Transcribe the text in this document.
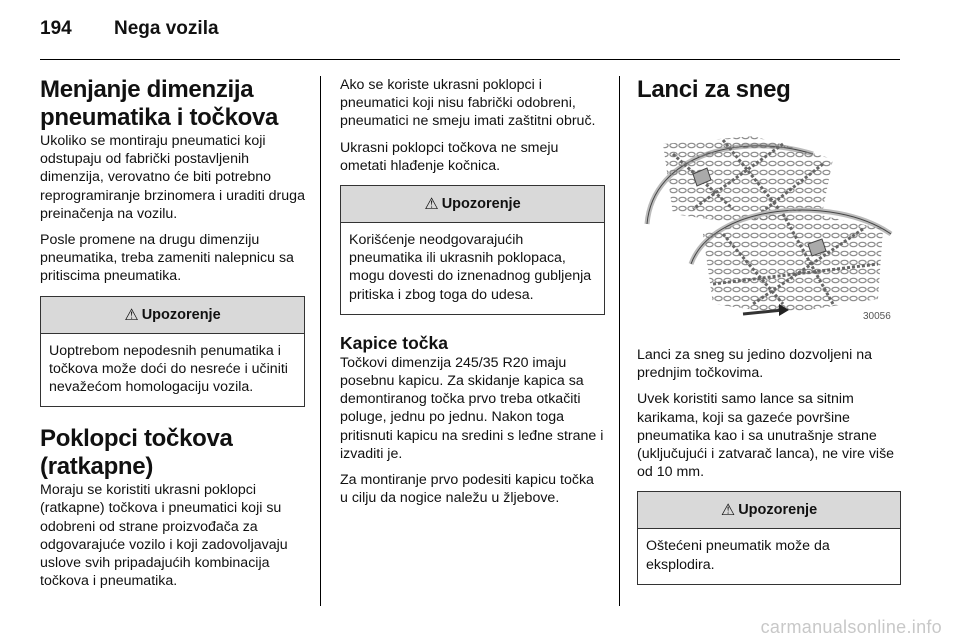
194 Nega vozila
Menjanje dimenzija pneumatika i točkova

Ukoliko se montiraju pneumatici koji odstupaju od fabrički postavljenih dimenzija, verovatno će biti potrebno reprogramiranje brzinomera i uraditi druga preinačenja na vozilu.

Posle promene na drugu dimenziju pneumatika, treba zameniti nalepnicu sa pritiscima pneumatika.

⚠ Upozorenje
Uoptrebom nepodesnih penumatika i točkova može doći do nesreće i učiniti nevažećom homologaciju vozila.
Poklopci točkova (ratkapne)

Moraju se koristiti ukrasni poklopci (ratkapne) točkova i pneumatici koji su odobreni od strane proizvođača za odgovarajuće vozilo i koji zadovoljavaju uslove svih pripadajućih kombinacija točkova i pneumatika.

Ako se koriste ukrasni poklopci i pneumatici koji nisu fabrički odobreni, pneumatici ne smeju imati zaštitni obruč.

Ukrasni poklopci točkova ne smeju ometati hlađenje kočnica.

⚠ Upozorenje
Korišćenje neodgovarajućih pneumatika ili ukrasnih poklopaca, mogu dovesti do iznenadnog gubljenja pritiska i zbog toga do udesa.
Kapice točka

Točkovi dimenzija 245/35 R20 imaju posebnu kapicu. Za skidanje kapica sa demontiranog točka prvo treba otkačiti poluge, jednu po jednu. Nakon toga pritisnuti kapicu na sredini s leđne strane i izvaditi je.

Za montiranje prvo podesiti kapicu točka u cilju da nogice naležu u žljebove.

Lanci za sneg
30056

Lanci za sneg su jedino dozvoljeni na prednjim točkovima.

Uvek koristiti samo lance sa sitnim karikama, koji sa gazeće površine pneumatika kao i sa unutrašnje strane (uključujući i zatvarač lanca), ne vire više od 10 mm.

⚠ Upozorenje
Oštećeni pneumatik može da eksplodira.
carmanualsonline.info
